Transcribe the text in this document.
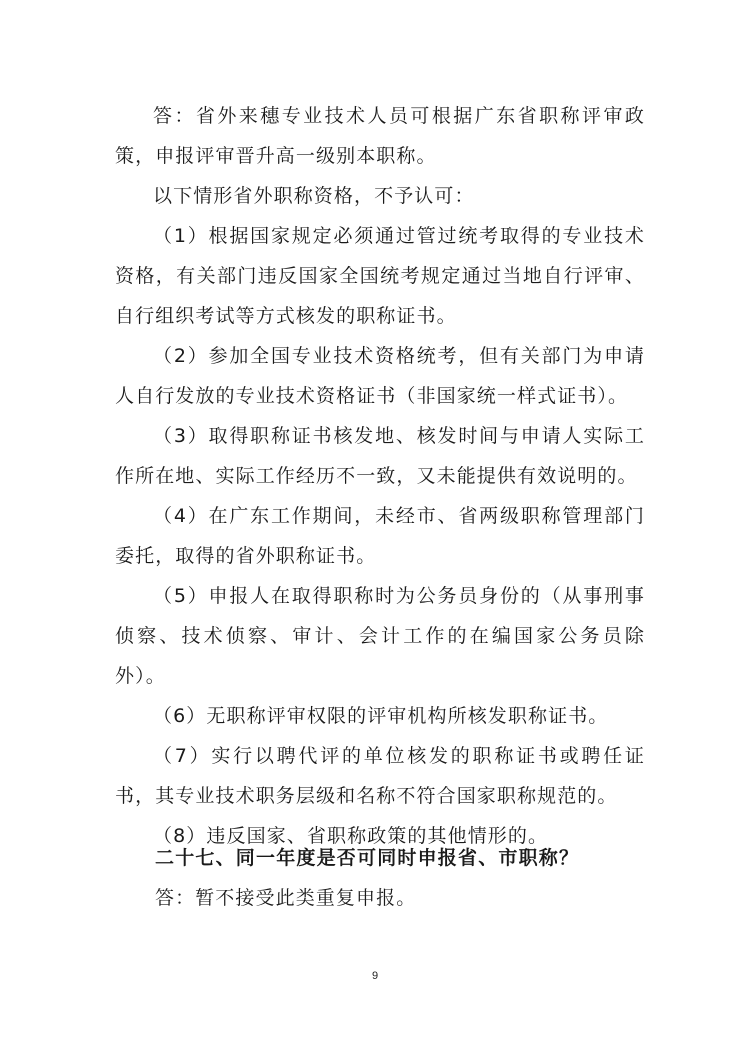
答：省外来穗专业技术人员可根据广东省职称评审政策，申报评审晋升高一级别本职称。

以下情形省外职称资格，不予认可：

（1）根据国家规定必须通过管过统考取得的专业技术资格，有关部门违反国家全国统考规定通过当地自行评审、自行组织考试等方式核发的职称证书。

（2）参加全国专业技术资格统考，但有关部门为申请人自行发放的专业技术资格证书（非国家统一样式证书）。

（3）取得职称证书核发地、核发时间与申请人实际工作所在地、实际工作经历不一致，又未能提供有效说明的。

（4）在广东工作期间，未经市、省两级职称管理部门委托，取得的省外职称证书。

（5）申报人在取得职称时为公务员身份的（从事刑事侦察、技术侦察、审计、会计工作的在编国家公务员除外）。

（6）无职称评审权限的评审机构所核发职称证书。

（7）实行以聘代评的单位核发的职称证书或聘任证书，其专业技术职务层级和名称不符合国家职称规范的。

（8）违反国家、省职称政策的其他情形的。

二十七、同一年度是否可同时申报省、市职称？

答：暂不接受此类重复申报。

9
